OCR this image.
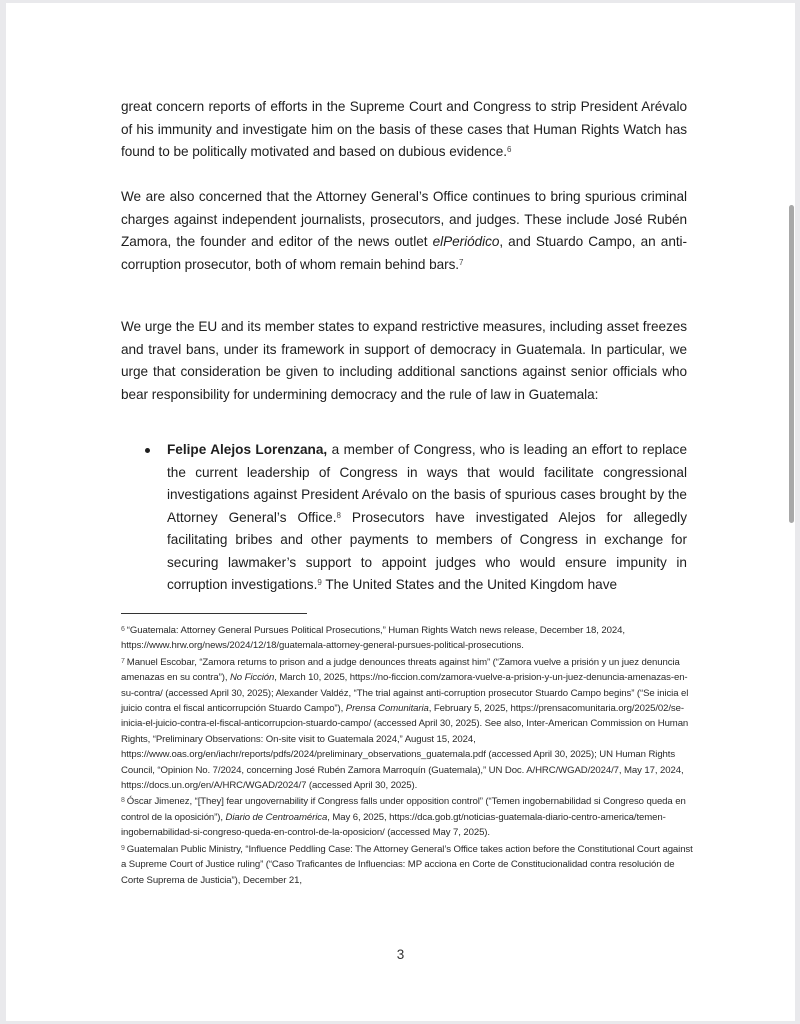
great concern reports of efforts in the Supreme Court and Congress to strip President Arévalo of his immunity and investigate him on the basis of these cases that Human Rights Watch has found to be politically motivated and based on dubious evidence.$^6$

We are also concerned that the Attorney General’s Office continues to bring spurious criminal charges against independent journalists, prosecutors, and judges. These include José Rubén Zamora, the founder and editor of the news outlet elPeriódico, and Stuardo Campo, an anti-corruption prosecutor, both of whom remain behind bars.$^7$

We urge the EU and its member states to expand restrictive measures, including asset freezes and travel bans, under its framework in support of democracy in Guatemala. In particular, we urge that consideration be given to including additional sanctions against senior officials who bear responsibility for undermining democracy and the rule of law in Guatemala:

Felipe Alejos Lorenzana, a member of Congress, who is leading an effort to replace the current leadership of Congress in ways that would facilitate congressional investigations against President Arévalo on the basis of spurious cases brought by the Attorney General’s Office.$^8$ Prosecutors have investigated Alejos for allegedly facilitating bribes and other payments to members of Congress in exchange for securing lawmaker’s support to appoint judges who would ensure impunity in corruption investigations.$^9$ The United States and the United Kingdom have

$^6$ “Guatemala: Attorney General Pursues Political Prosecutions,” Human Rights Watch news release, December 18, 2024, https://www.hrw.org/news/2024/12/18/guatemala-attorney-general-pursues-political-prosecutions.

$^7$ Manuel Escobar, “Zamora returns to prison and a judge denounces threats against him” (“Zamora vuelve a prisión y un juez denuncia amenazas en su contra”), No Ficción, March 10, 2025, https://no-ficcion.com/zamora-vuelve-a-prision-y-un-juez-denuncia-amenazas-en-su-contra/ (accessed April 30, 2025); Alexander Valdéz, “The trial against anti-corruption prosecutor Stuardo Campo begins” (“Se inicia el juicio contra el fiscal anticorrupción Stuardo Campo”), Prensa Comunitaria, February 5, 2025, https://prensacomunitaria.org/2025/02/se-inicia-el-juicio-contra-el-fiscal-anticorrupcion-stuardo-campo/ (accessed April 30, 2025). See also, Inter-American Commission on Human Rights, “Preliminary Observations: On-site visit to Guatemala 2024,” August 15, 2024, https://www.oas.org/en/iachr/reports/pdfs/2024/preliminary_observations_guatemala.pdf (accessed April 30, 2025); UN Human Rights Council, “Opinion No. 7/2024, concerning José Rubén Zamora Marroquín (Guatemala),” UN Doc. A/HRC/WGAD/2024/7, May 17, 2024, https://docs.un.org/en/A/HRC/WGAD/2024/7 (accessed April 30, 2025).

$^8$ Óscar Jimenez, “[They] fear ungovernability if Congress falls under opposition control” (“Temen ingobernabilidad si Congreso queda en control de la oposición”), Diario de Centroamérica, May 6, 2025, https://dca.gob.gt/noticias-guatemala-diario-centro-america/temen-ingobernabilidad-si-congreso-queda-en-control-de-la-oposicion/ (accessed May 7, 2025).

$^9$ Guatemalan Public Ministry, “Influence Peddling Case: The Attorney General’s Office takes action before the Constitutional Court against a Supreme Court of Justice ruling” (“Caso Traficantes de Influencias: MP acciona en Corte de Constitucionalidad contra resolución de Corte Suprema de Justicia”), December 21,

3
